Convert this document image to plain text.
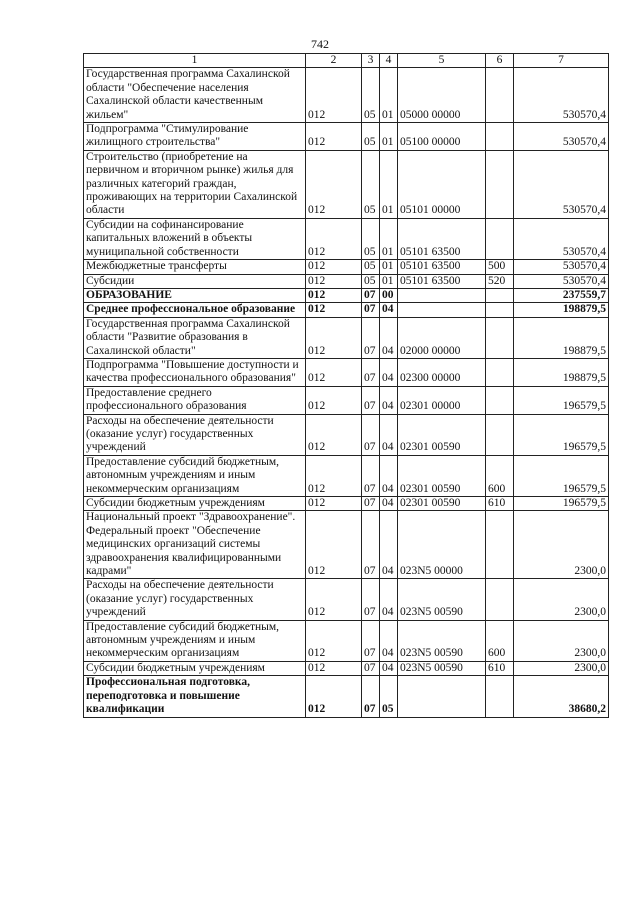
742
1	2	3	4	5	6	7
Государственная программа Сахалинской области "Обеспечение населения Сахалинской области качественным жильем"	012	05	01	05000 00000		530570,4
Подпрограмма "Стимулирование жилищного строительства"	012	05	01	05100 00000		530570,4
Строительство (приобретение на первичном и вторичном рынке) жилья для различных категорий граждан, проживающих на территории Сахалинской области	012	05	01	05101 00000		530570,4
Субсидии на софинансирование капитальных вложений в объекты муниципальной собственности	012	05	01	05101 63500		530570,4
Межбюджетные трансферты	012	05	01	05101 63500	500	530570,4
Субсидии	012	05	01	05101 63500	520	530570,4
ОБРАЗОВАНИЕ	012	07	00			237559,7
Среднее профессиональное образование	012	07	04			198879,5
Государственная программа Сахалинской области "Развитие образования в Сахалинской области"	012	07	04	02000 00000		198879,5
Подпрограмма "Повышение доступности и качества профессионального образования"	012	07	04	02300 00000		198879,5
Предоставление среднего профессионального образования	012	07	04	02301 00000		196579,5
Расходы на обеспечение деятельности (оказание услуг) государственных учреждений	012	07	04	02301 00590		196579,5
Предоставление субсидий бюджетным, автономным учреждениям и иным некоммерческим организациям	012	07	04	02301 00590	600	196579,5
Субсидии бюджетным учреждениям	012	07	04	02301 00590	610	196579,5
Национальный проект "Здравоохранение". Федеральный проект "Обеспечение медицинских организаций системы здравоохранения квалифицированными кадрами"	012	07	04	023N5 00000		2300,0
Расходы на обеспечение деятельности (оказание услуг) государственных учреждений	012	07	04	023N5 00590		2300,0
Предоставление субсидий бюджетным, автономным учреждениям и иным некоммерческим организациям	012	07	04	023N5 00590	600	2300,0
Субсидии бюджетным учреждениям	012	07	04	023N5 00590	610	2300,0
Профессиональная подготовка, переподготовка и повышение квалификации	012	07	05			38680,2
